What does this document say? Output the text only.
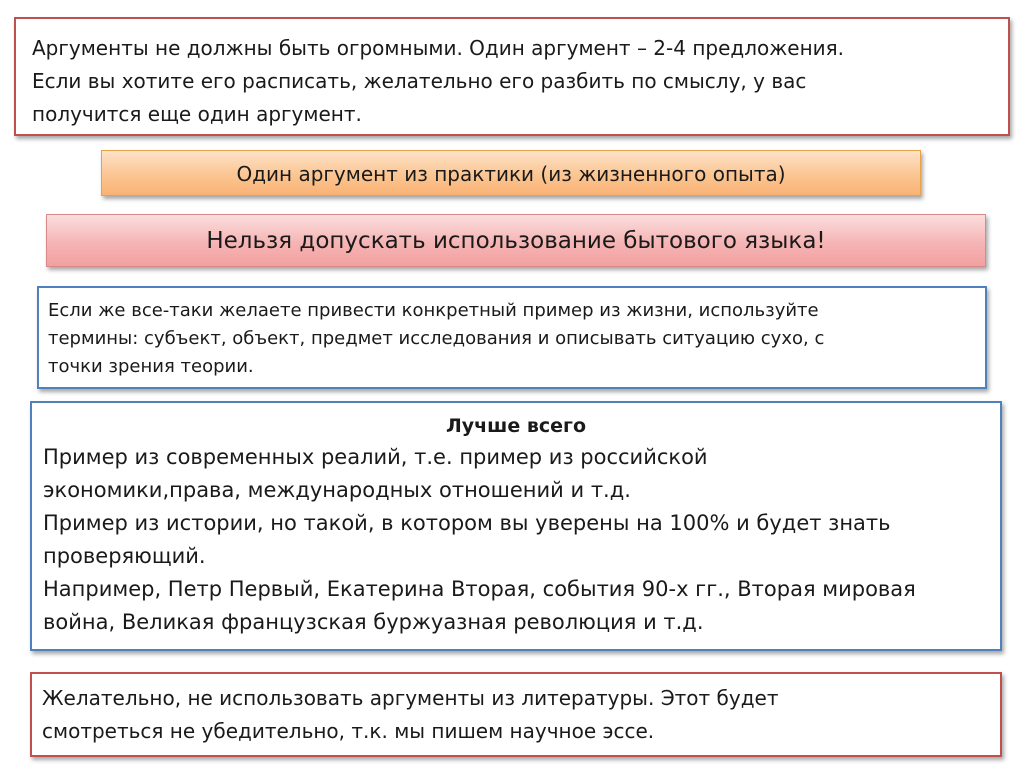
Аргументы не должны быть огромными. Один аргумент – 2-4 предложения.
Если вы хотите его расписать, желательно его разбить по смыслу, у вас
получится еще один аргумент.
Один аргумент из практики (из жизненного опыта)
Нельзя допускать использование бытового языка!
Если же все-таки желаете привести конкретный пример из жизни, используйте
термины: субъект, объект, предмет исследования и описывать ситуацию сухо, с
точки зрения теории.
Лучше всего
Пример из современных реалий, т.е. пример из российской
экономики,права, международных отношений и т.д.
Пример из истории, но такой, в котором вы уверены на 100% и будет знать
проверяющий.
Например, Петр Первый, Екатерина Вторая, события 90-х гг., Вторая мировая
война, Великая французская буржуазная революция и т.д.
Желательно, не использовать аргументы из литературы. Этот будет
смотреться не убедительно, т.к. мы пишем научное эссе.
